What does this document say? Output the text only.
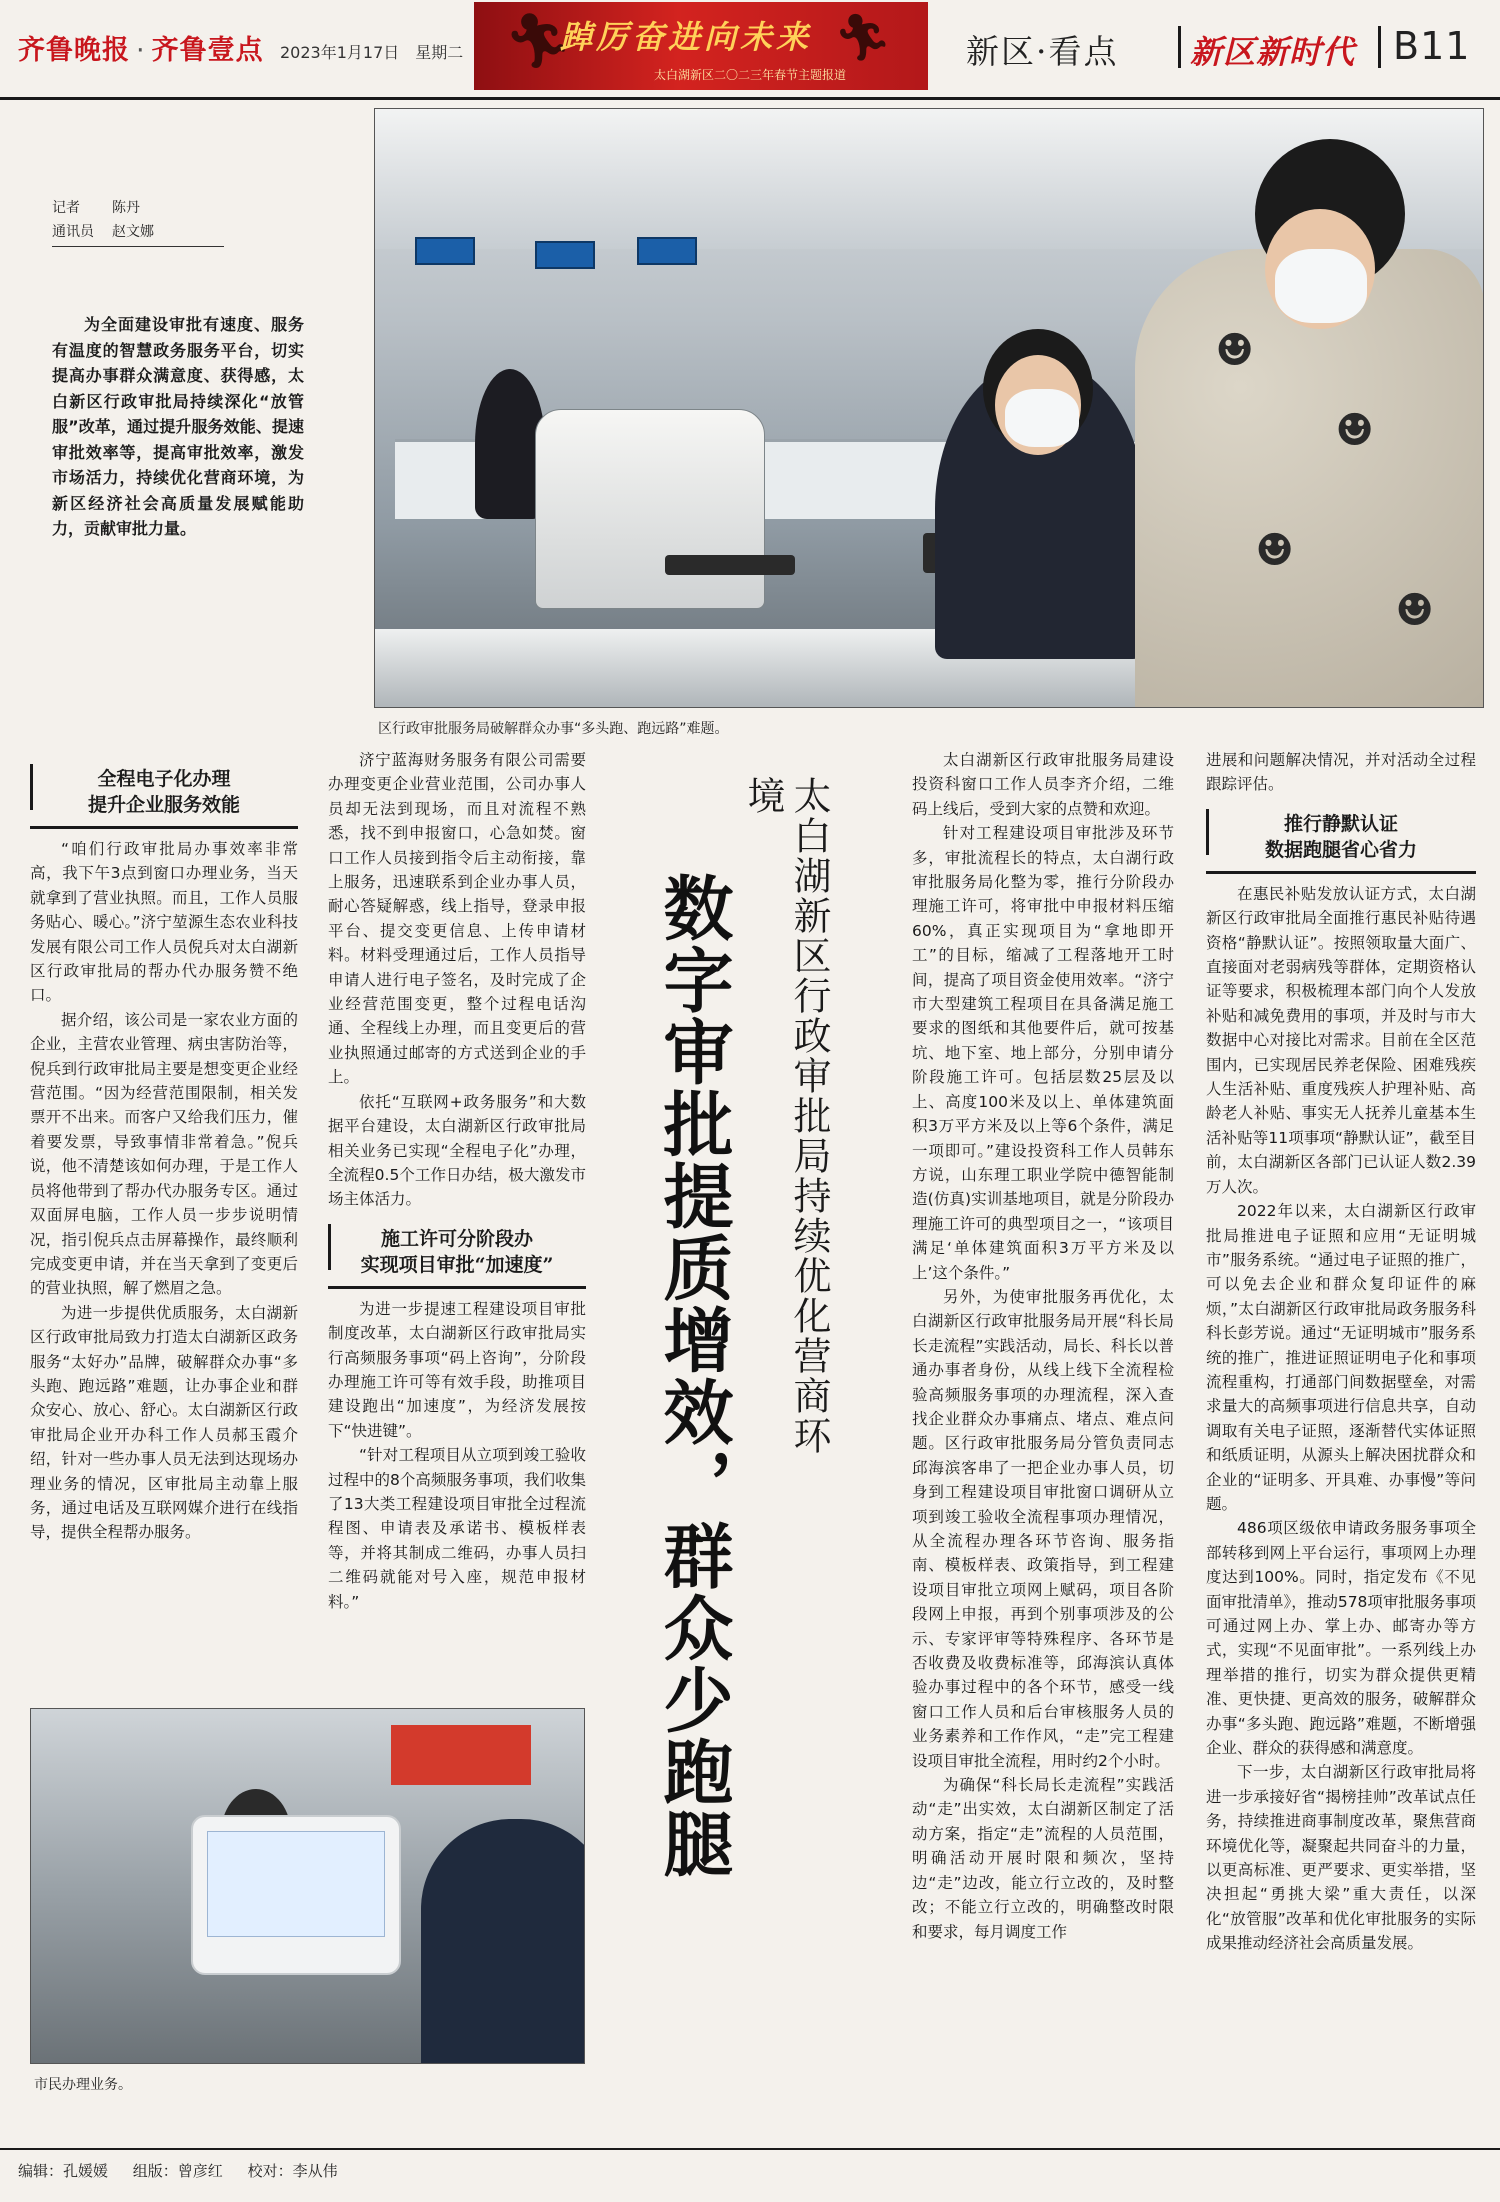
齐鲁晚报 · 齐鲁壹点 2023年1月17日 星期二 🏃︎	🏃︎
踔厉奋进向未来
太白湖新区二〇二三年春节主题报道
新区·看点 新区新时代 B11
☻
☻
☻
☻
区行政审批服务局破解群众办事“多头跑、跑远路”难题。
记者 陈丹
通讯员 赵文娜
为全面建设审批有速度、服务有温度的智慧政务服务平台，切实提高办事群众满意度、获得感，太白新区行政审批局持续深化“放管服”改革，通过提升服务效能、提速审批效率等，提高审批效率，激发市场活力，持续优化营商环境，为新区经济社会高质量发展赋能助力，贡献审批力量。
数字审批提质增效，群众少跑腿 太白湖新区行政审批局持续优化营商环境
全程电子化办理
提升企业服务效能

“咱们行政审批局办事效率非常高，我下午3点到窗口办理业务，当天就拿到了营业执照。而且，工作人员服务贴心、暖心。”济宁堃源生态农业科技发展有限公司工作人员倪兵对太白湖新区行政审批局的帮办代办服务赞不绝口。

据介绍，该公司是一家农业方面的企业，主营农业管理、病虫害防治等，倪兵到行政审批局主要是想变更企业经营范围。“因为经营范围限制，相关发票开不出来。而客户又给我们压力，催着要发票，导致事情非常着急。”倪兵说，他不清楚该如何办理，于是工作人员将他带到了帮办代办服务专区。通过双面屏电脑，工作人员一步步说明情况，指引倪兵点击屏幕操作，最终顺利完成变更申请，并在当天拿到了变更后的营业执照，解了燃眉之急。

为进一步提供优质服务，太白湖新区行政审批局致力打造太白湖新区政务服务“太好办”品牌，破解群众办事“多头跑、跑远路”难题，让办事企业和群众安心、放心、舒心。太白湖新区行政审批局企业开办科工作人员郝玉霞介绍，针对一些办事人员无法到达现场办理业务的情况，区审批局主动靠上服务，通过电话及互联网媒介进行在线指导，提供全程帮办服务。

济宁蓝海财务服务有限公司需要办理变更企业营业范围，公司办事人员却无法到现场，而且对流程不熟悉，找不到申报窗口，心急如焚。窗口工作人员接到指令后主动衔接，靠上服务，迅速联系到企业办事人员，耐心答疑解惑，线上指导，登录申报平台、提交变更信息、上传申请材料。材料受理通过后，工作人员指导申请人进行电子签名，及时完成了企业经营范围变更，整个过程电话沟通、全程线上办理，而且变更后的营业执照通过邮寄的方式送到企业的手上。

依托“互联网+政务服务”和大数据平台建设，太白湖新区行政审批局相关业务已实现“全程电子化”办理，全流程0.5个工作日办结，极大激发市场主体活力。

施工许可分阶段办
实现项目审批“加速度”

为进一步提速工程建设项目审批制度改革，太白湖新区行政审批局实行高频服务事项“码上咨询”，分阶段办理施工许可等有效手段，助推项目建设跑出“加速度”，为经济发展按下“快进键”。

“针对工程项目从立项到竣工验收过程中的8个高频服务事项，我们收集了13大类工程建设项目审批全过程流程图、申请表及承诺书、模板样表等，并将其制成二维码，办事人员扫二维码就能对号入座，规范申报材料。”

市民办理业务。

太白湖新区行政审批服务局建设投资科窗口工作人员李齐介绍，二维码上线后，受到大家的点赞和欢迎。

针对工程建设项目审批涉及环节多，审批流程长的特点，太白湖行政审批服务局化整为零，推行分阶段办理施工许可，将审批中申报材料压缩60%，真正实现项目为“拿地即开工”的目标，缩减了工程落地开工时间，提高了项目资金使用效率。“济宁市大型建筑工程项目在具备满足施工要求的图纸和其他要件后，就可按基坑、地下室、地上部分，分别申请分阶段施工许可。包括层数25层及以上、高度100米及以上、单体建筑面积3万平方米及以上等6个条件，满足一项即可。”建设投资科工作人员韩东方说，山东理工职业学院中德智能制造(仿真)实训基地项目，就是分阶段办理施工许可的典型项目之一，“该项目满足‘单体建筑面积3万平方米及以上’这个条件。”

另外，为使审批服务再优化，太白湖新区行政审批服务局开展“科长局长走流程”实践活动，局长、科长以普通办事者身份，从线上线下全流程检验高频服务事项的办理流程，深入查找企业群众办事痛点、堵点、难点问题。区行政审批服务局分管负责同志邱海滨客串了一把企业办事人员，切身到工程建设项目审批窗口调研从立项到竣工验收全流程事项办理情况，从全流程办理各环节咨询、服务指南、模板样表、政策指导，到工程建设项目审批立项网上赋码，项目各阶段网上申报，再到个别事项涉及的公示、专家评审等特殊程序、各环节是否收费及收费标准等，邱海滨认真体验办事过程中的各个环节，感受一线窗口工作人员和后台审核服务人员的业务素养和工作作风，“走”完工程建设项目审批全流程，用时约2个小时。

为确保“科长局长走流程”实践活动“走”出实效，太白湖新区制定了活动方案，指定“走”流程的人员范围，明确活动开展时限和频次，坚持边“走”边改，能立行立改的，及时整改；不能立行立改的，明确整改时限和要求，每月调度工作

进展和问题解决情况，并对活动全过程跟踪评估。

推行静默认证
数据跑腿省心省力

在惠民补贴发放认证方式，太白湖新区行政审批局全面推行惠民补贴待遇资格“静默认证”。按照领取量大面广、直接面对老弱病残等群体，定期资格认证等要求，积极梳理本部门向个人发放补贴和减免费用的事项，并及时与市大数据中心对接比对需求。目前在全区范围内，已实现居民养老保险、困难残疾人生活补贴、重度残疾人护理补贴、高龄老人补贴、事实无人抚养儿童基本生活补贴等11项事项“静默认证”，截至目前，太白湖新区各部门已认证人数2.39万人次。

2022年以来，太白湖新区行政审批局推进电子证照和应用“无证明城市”服务系统。“通过电子证照的推广，可以免去企业和群众复印证件的麻烦，”太白湖新区行政审批局政务服务科科长彭芳说。通过“无证明城市”服务系统的推广，推进证照证明电子化和事项流程重构，打通部门间数据壁垒，对需求量大的高频事项进行信息共享，自动调取有关电子证照，逐渐替代实体证照和纸质证明，从源头上解决困扰群众和企业的“证明多、开具难、办事慢”等问题。

486项区级依申请政务服务事项全部转移到网上平台运行，事项网上办理度达到100%。同时，指定发布《不见面审批清单》，推动578项审批服务事项可通过网上办、掌上办、邮寄办等方式，实现“不见面审批”。一系列线上办理举措的推行，切实为群众提供更精准、更快捷、更高效的服务，破解群众办事“多头跑、跑远路”难题，不断增强企业、群众的获得感和满意度。

下一步，太白湖新区行政审批局将进一步承接好省“揭榜挂帅”改革试点任务，持续推进商事制度改革，聚焦营商环境优化等，凝聚起共同奋斗的力量，以更高标准、更严要求、更实举措，坚决担起“勇挑大梁”重大责任，以深化“放管服”改革和优化审批服务的实际成果推动经济社会高质量发展。

编辑：孔媛媛 组版：曾彦红 校对：李从伟
